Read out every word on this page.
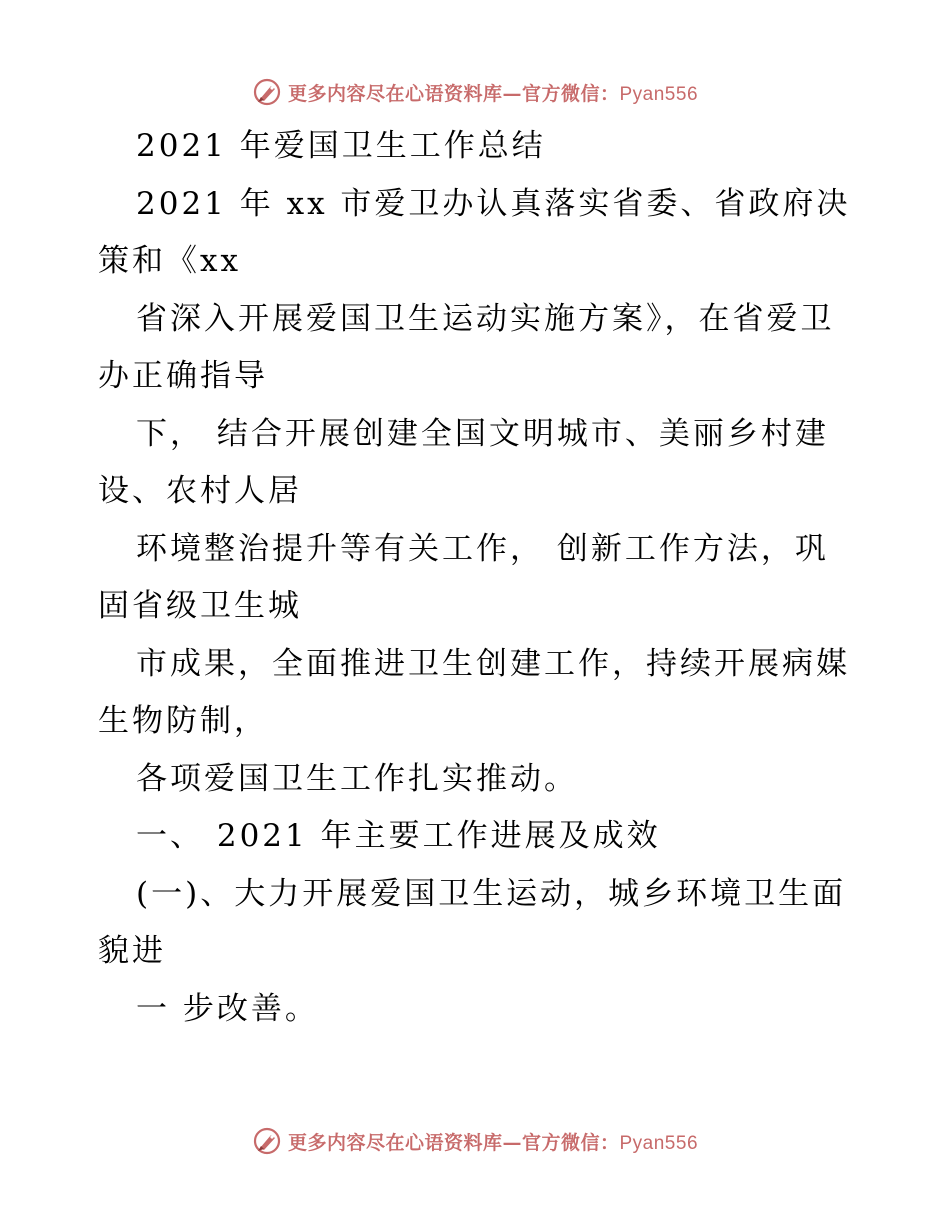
更多内容尽在心语资料库—官方微信：Pyan556
2021 年爱国卫生工作总结
2021 年 xx 市爱卫办认真落实省委、省政府决
策和《xx
省深入开展爱国卫生运动实施方案》，在省爱卫
办正确指导
下， 结合开展创建全国文明城市、美丽乡村建
设、农村人居
环境整治提升等有关工作， 创新工作方法，巩
固省级卫生城
市成果，全面推进卫生创建工作，持续开展病媒
生物防制，
各项爱国卫生工作扎实推动。
一、 2021 年主要工作进展及成效
(一)、大力开展爱国卫生运动，城乡环境卫生面
貌进
一 步改善。
更多内容尽在心语资料库—官方微信：Pyan556
